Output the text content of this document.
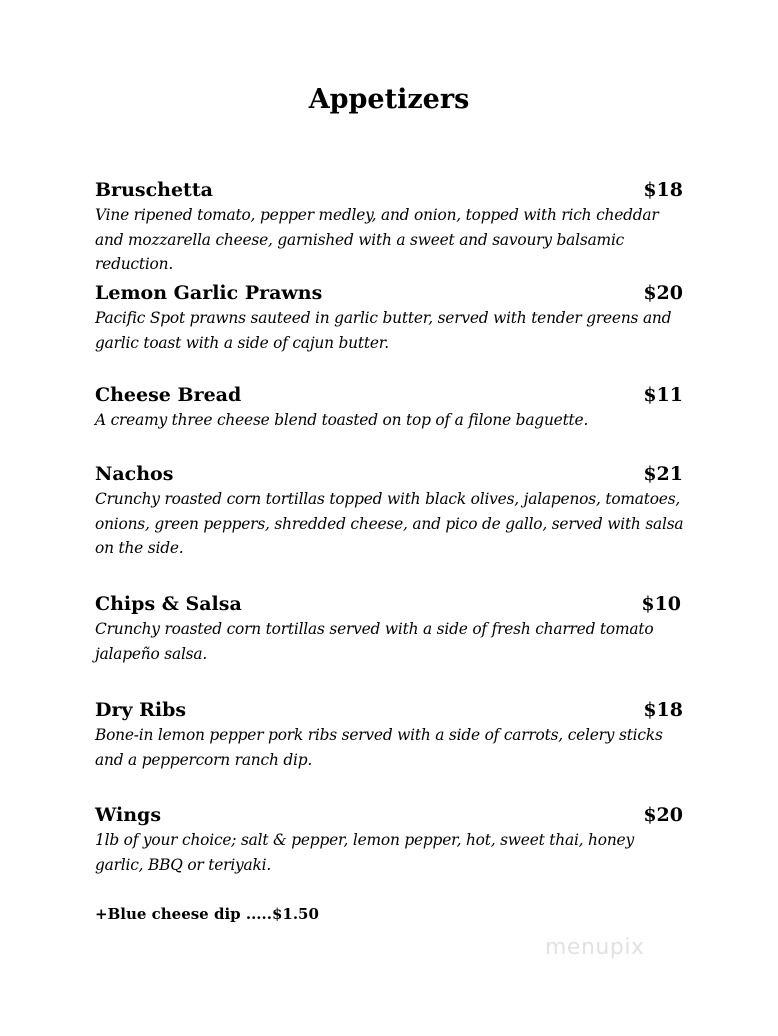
Appetizers
Bruschetta	$18
Vine ripened tomato, pepper medley, and onion, topped with rich cheddar and mozzarella cheese, garnished with a sweet and savoury balsamic reduction.
Lemon Garlic Prawns	$20
Pacific Spot prawns sauteed in garlic butter, served with tender greens and garlic toast with a side of cajun butter.
Cheese Bread	$11
A creamy three cheese blend toasted on top of a filone baguette.
Nachos	$21
Crunchy roasted corn tortillas topped with black olives, jalapenos, tomatoes, onions, green peppers, shredded cheese, and pico de gallo, served with salsa on the side.
Chips & Salsa	$10
Crunchy roasted corn tortillas served with a side of fresh charred tomato jalapeño salsa.
Dry Ribs	$18
Bone-in lemon pepper pork ribs served with a side of carrots, celery sticks and a peppercorn ranch dip.
Wings	$20
1lb of your choice; salt & pepper, lemon pepper, hot, sweet thai, honey garlic, BBQ or teriyaki.
+Blue cheese dip .....$1.50
menupix
